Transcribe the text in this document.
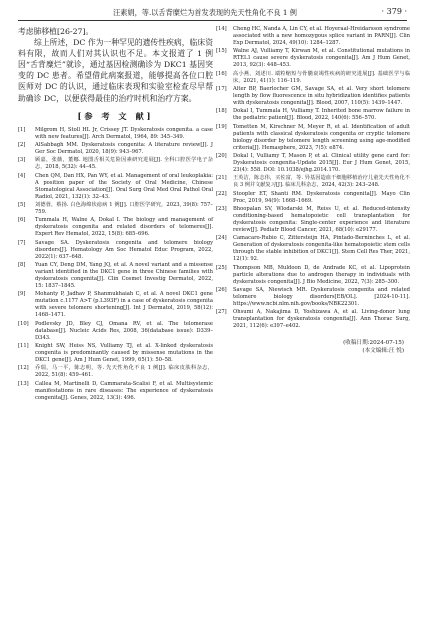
汪素娟，等.以舌背糜烂为首发表现的先天性角化不良 1 例	· 379 ·

考虑肺移植[26-27]。

综上所述，DC 作为一种罕见的遗传性疾病，临床资料有限，故而人们对其认识也不足。本文报道了 1 例因“舌背糜烂”就诊，通过基因检测确诊为 DKC1 基因突变的 DC 患者。希望借此病案报道，能够提高各位口腔医师对 DC 的认识，通过临床表现和实验室检查尽早帮助确诊 DC，以便获得最佳的治疗时机和治疗方案。

[参 考 文 献]
[1] Milgrom H, Stoll HL Jr, Crissey JT. Dyskeratosis congenita. a case with new features[J]. Arch Dermatol, 1964, 89: 345–349.
[2] AlSabbagh MM. Dyskeratosis congenita: A literature review[J]. J Ger Soc Dermatol, 2020, 18(9): 943–967.
[3] 顾嘉，张薇，董娜. 地图舌相关危险因素研究进展[J]. 全科口腔医学电子杂志，2018, 5(32): 44–45.
[4] Chen QM, Dan HX, Pan WY, et al. Management of oral leukoplakia: A position paper of the Society of Oral Medicine, Chinese Stomatological Association[J]. Oral Surg Oral Med Oral Pathol Oral Radiol, 2021, 132(1): 32–43.
[5] 刘德蓉，蔡扬. 白色海绵状痣病 1 例[J]. 口腔医学研究，2023, 39(8): 757–759.
[6] Tummala H, Walne A, Dokal I. The biology and management of dyskeratosis congenita and related disorders of telomeres[J]. Expert Rev Hematol, 2022, 15(8): 685–696.
[7] Savage SA. Dyskeratosis congenita and telomere biology disorders[J]. Hematology Am Soc Hematol Educ Program, 2022, 2022(1): 637–648.
[8] Yuan CY, Deng DM, Yang JQ, et al. A novel variant and a missense variant identified in the DKC1 gene in three Chinese families with dyskeratosis congenita[J]. Clin Cosmet Investig Dermatol, 2022, 15: 1837–1845.
[9] Mohanty P, Jadhav P, Shanmukhaiah C, et al. A novel DKC1 gene mutation c.1177 A>T (p.L393F) in a case of dyskeratosis congenita with severe telomere shortening[J]. Int J Dermatol, 2019, 58(12): 1468–1471.
[10] Podlevsky JD, Bley CJ, Omana RV, et al. The telomerase database[J]. Nucleic Acids Res, 2008, 36(database issue): D339–D343.
[11] Knight SW, Heiss NS, Vulliamy TJ, et al. X-linked dyskeratosis congenita is predominantly caused by missense mutations in the DKC1 gene[J]. Am J Hum Genet, 1999, 65(1): 50–58.
[12] 乔瑞，马一平，陈志明，等. 先天性角化不良 1 例[J]. 临床皮肤科杂志，2022, 51(8): 459–461.
[13] Callea M, Martinelli D, Cammarata-Scalisi F, et al. Multisystemic manifestations in rare diseases: The experience of dyskeratosis congenita[J]. Genes, 2022, 13(3): 496.
[14] Cheng HC, Nanda A, Lin CY, et al. Hoyeraal-Hreidarsson syndrome associated with a new homozygous splice variant in PARN[J]. Clin Exp Dermatol, 2024, 49(10): 1284–1287.
[15] Walne AJ, Vulliamy T, Kirwan M, et al. Constitutional mutations in RTEL1 cause severe dyskeratosis congenita[J]. Am J Hum Genet, 2013, 92(3): 448–453.
[16] 高小燕，刘述川. 端粒缩短与骨髓衰竭性疾病的研究进展[J]. 基础医学与临床，2021, 41(1): 116–119.
[17] Alter BP, Baerlocher GM, Savage SA, et al. Very short telomere length by flow fluorescence in situ hybridization identifies patients with dyskeratosis congenita[J]. Blood, 2007, 110(5): 1439–1447.
[18] Dokal I, Tummala H, Vulliamy T. Inherited bone marrow failure in the pediatric patient[J]. Blood, 2022, 140(6): 556–570.
[19] Tometten M, Kirschner M, Meyer R, et al. Identification of adult patients with classical dyskeratosis congenita or cryptic telomere biology disorder by telomere length screening using age-modified criteria[J]. Hemasphere, 2023, 7(5): e874.
[20] Dokal I, Vulliamy T, Mason P, et al. Clinical utility gene card for: Dyskeratosis congenita-Update 2015[J]. Eur J Hum Genet, 2015, 23(4): 558. DOI: 10.1038/ejhg.2014.170.
[21] 王英洁，陈志伟，买佐富，等. 异基因造血干细胞移植治疗儿童先天性角化不良 3 例并文献复习[J]. 临床儿科杂志，2024, 42(3): 243–248.
[22] Stoopler ET, Shanti RM. Dyskeratosis congenita[J]. Mayo Clin Proc, 2019, 94(9): 1668–1669.
[23] Bhoopalan SV, Wlodarski M, Reiss U, et al. Reduced-intensity conditioning-based hematopoietic cell transplantation for dyskeratosis congenita: Single-center experience and literature review[J]. Pediatr Blood Cancer, 2021, 68(10): e29177.
[24] Camacaro-Rubio C, Zittersteijn HA, Pintado-Berninches L, et al. Generation of dyskeratosis congenita-like hematopoietic stem cells through the stable inhibition of DKC1[J]. Stem Cell Res Ther, 2021, 12(1): 92.
[25] Thompson MB, Muldoon D, de Andrade KC, et al. Lipoprotein particle alterations due to androgen therapy in individuals with dyskeratosis congenita[J]. J Bio Medicine, 2022, 7(3): 285–300.
[26] Savage SA, Niewisch MR. Dyskeratosis congenita and related telomere biology disorders[EB/OL]. [2024-10-11]. https://www.ncbi.nlm.nih.gov/books/NBK22301.
[27] Ohsumi A, Nakajima D, Yoshizawa A, et al. Living-donor lung transplantation for dyskeratosis congenita[J]. Ann Thorac Surg, 2021, 112(6): e397–e402.
(收稿日期:2024-07-15)
(本文编辑:汪 悦)
